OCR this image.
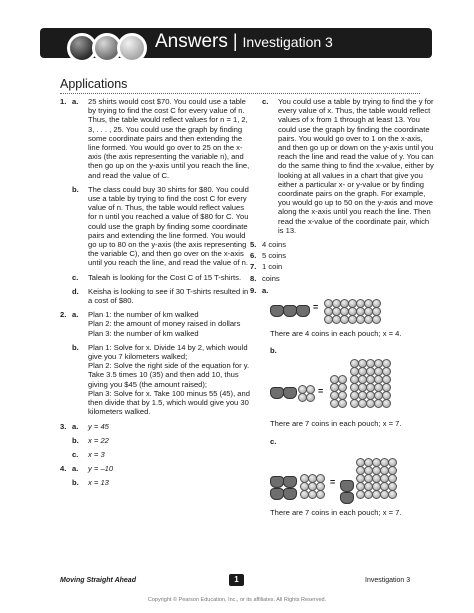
Answers | Investigation 3
Applications
1. a.	25 shirts would cost $70. You could use a table by trying to find the cost C for every value of n. Thus, the table would reflect values for n = 1, 2, 3, . . . , 25. You could use the graph by finding some coordinate pairs and then extending the line formed. You would go over to 25 on the x-axis (the axis representing the variable n), and then go up on the y-axis until you reach the line, and read the value of C.
b.	The class could buy 30 shirts for $80. You could use a table by trying to find the cost C for every value of n. Thus, the table would reflect values for n until you reached a value of $80 for C. You could use the graph by finding some coordinate pairs and extending the line formed. You would go up to 80 on the y-axis (the axis representing the variable C), and then go over on the x-axis until you reach the line, and read the value of n.
c.	Taleah is looking for the Cost C of 15 T-shirts.
d.	Keisha is looking to see if 30 T-shirts resulted in a cost of $80.
2. a.	Plan 1: the number of km walked
Plan 2: the amount of money raised in dollars
Plan 3: the number of km walked
b.	Plan 1: Solve for x. Divide 14 by 2, which would give you 7 kilometers walked;
Plan 2: Solve the right side of the equation for y. Take 3.5 times 10 (35) and then add 10, thus giving you $45 (the amount raised);
Plan 3: Solve for x. Take 100 minus 55 (45), and then divide that by 1.5, which would give you 30 kilometers walked.
3. a.	y = 45
b.	x = 22
c.	x = 3
4. a.	y = –10
b.	x = 13
c.	You could use a table by trying to find the y for every value of x. Thus, the table would reflect values of x from 1 through at least 13. You could use the graph by finding the coordinate pairs. You would go over to 1 on the x-axis, and then go up or down on the y-axis until you reach the line and read the value of y. You can do the same thing to find the x-value, either by looking at all values in a chart that give you either a particular x- or y-value or by finding coordinate pairs on the graph. For example, you would go up to 50 on the y-axis and move along the x-axis until you reach the line. Then read the x-value of the coordinate pair, which is 13.
5. 4 coins
6. 5 coins
7. 1 coin
8. coins
9. a.
=
There are 4 coins in each pouch; x = 4.
b.
=
There are 7 coins in each pouch; x = 7.
c.
=
There are 7 coins in each pouch; x = 7.
Moving Straight Ahead	1	Investigation 3
Copyright © Pearson Education, Inc., or its affiliates. All Rights Reserved.
